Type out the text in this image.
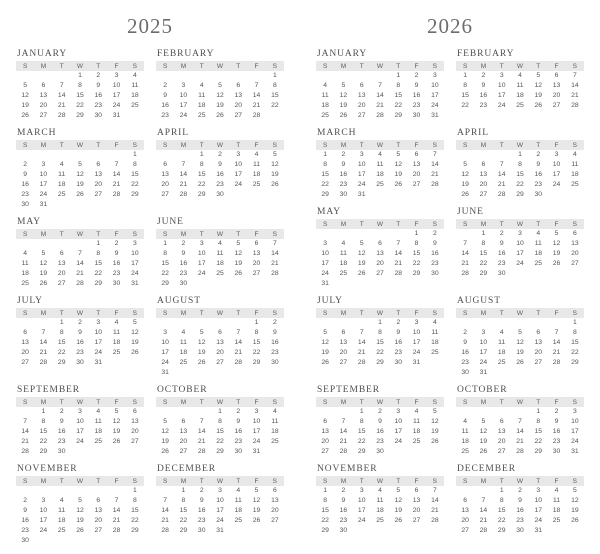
2025
JANUARY
S	M	T	W	T	F	S
			1	2	3	4
5	6	7	8	9	10	11
12	13	14	15	16	17	18
19	20	21	22	23	24	25
26	27	28	29	30	31	
FEBRUARY
S	M	T	W	T	F	S
						1
2	3	4	5	6	7	8
9	10	11	12	13	14	15
16	17	18	19	20	21	22
23	24	25	26	27	28	
MARCH
S	M	T	W	T	F	S
						1
2	3	4	5	6	7	8
9	10	11	12	13	14	15
16	17	18	19	20	21	22
23	24	25	26	27	28	29
30	31					
APRIL
S	M	T	W	T	F	S
		1	2	3	4	5
6	7	8	9	10	11	12
13	14	15	16	17	18	19
20	21	22	23	24	25	26
27	28	29	30			
MAY
S	M	T	W	T	F	S
				1	2	3
4	5	6	7	8	9	10
11	12	13	14	15	16	17
18	19	20	21	22	23	24
25	26	27	28	29	30	31
JUNE
S	M	T	W	T	F	S
1	2	3	4	5	6	7
8	9	10	11	12	13	14
15	16	17	18	19	20	21
22	23	24	25	26	27	28
29	30					
JULY
S	M	T	W	T	F	S
		1	2	3	4	5
6	7	8	9	10	11	12
13	14	15	16	17	18	19
20	21	22	23	24	25	26
27	28	29	30	31		
AUGUST
S	M	T	W	T	F	S
					1	2
3	4	5	6	7	8	9
10	11	12	13	14	15	16
17	18	19	20	21	22	23
24	25	26	27	28	29	30
31						
SEPTEMBER
S	M	T	W	T	F	S
	1	2	3	4	5	6
7	8	9	10	11	12	13
14	15	16	17	18	19	20
21	22	23	24	25	26	27
28	29	30				
OCTOBER
S	M	T	W	T	F	S
			1	2	3	4
5	6	7	8	9	10	11
12	13	14	15	16	17	18
19	20	21	22	23	24	25
26	27	28	29	30	31	
NOVEMBER
S	M	T	W	T	F	S
						1
2	3	4	5	6	7	8
9	10	11	12	13	14	15
16	17	18	19	20	21	22
23	24	25	26	27	28	29
30						
DECEMBER
S	M	T	W	T	F	S
	1	2	3	4	5	6
7	8	9	10	11	12	13
14	15	16	17	18	19	20
21	22	23	24	25	26	27
28	29	30	31			
2026
JANUARY
S	M	T	W	T	F	S
				1	2	3
4	5	6	7	8	9	10
11	12	13	14	15	16	17
18	19	20	21	22	23	24
25	26	27	28	29	30	31
FEBRUARY
S	M	T	W	T	F	S
1	2	3	4	5	6	7
8	9	10	11	12	13	14
15	16	17	18	19	20	21
22	23	24	25	26	27	28
MARCH
S	M	T	W	T	F	S
1	2	3	4	5	6	7
8	9	10	11	12	13	14
15	16	17	18	19	20	21
22	23	24	25	26	27	28
29	30	31				
APRIL
S	M	T	W	T	F	S
			1	2	3	4
5	6	7	8	9	10	11
12	13	14	15	16	17	18
19	20	21	22	23	24	25
26	27	28	29	30		
MAY
S	M	T	W	T	F	S
					1	2
3	4	5	6	7	8	9
10	11	12	13	14	15	16
17	18	19	20	21	22	23
24	25	26	27	28	29	30
31						
JUNE
S	M	T	W	T	F	S
	1	2	3	4	5	6
7	8	9	10	11	12	13
14	15	16	17	18	19	20
21	22	23	24	25	26	27
28	29	30				
JULY
S	M	T	W	T	F	S
			1	2	3	4
5	6	7	8	9	10	11
12	13	14	15	16	17	18
19	20	21	22	23	24	25
26	27	28	29	30	31	
AUGUST
S	M	T	W	T	F	S
						1
2	3	4	5	6	7	8
9	10	11	12	13	14	15
16	17	18	19	20	21	22
23	24	25	26	27	28	29
30	31					
SEPTEMBER
S	M	T	W	T	F	S
		1	2	3	4	5
6	7	8	9	10	11	12
13	14	15	16	17	18	19
20	21	22	23	24	25	26
27	28	29	30			
OCTOBER
S	M	T	W	T	F	S
				1	2	3
4	5	6	7	8	9	10
11	12	13	14	15	16	17
18	19	20	21	22	23	24
25	26	27	28	29	30	31
NOVEMBER
S	M	T	W	T	F	S
1	2	3	4	5	6	7
8	9	10	11	12	13	14
15	16	17	18	19	20	21
22	23	24	25	26	27	28
29	30					
DECEMBER
S	M	T	W	T	F	S
		1	2	3	4	5
6	7	8	9	10	11	12
13	14	15	16	17	18	19
20	21	22	23	24	25	26
27	28	29	30	31		
